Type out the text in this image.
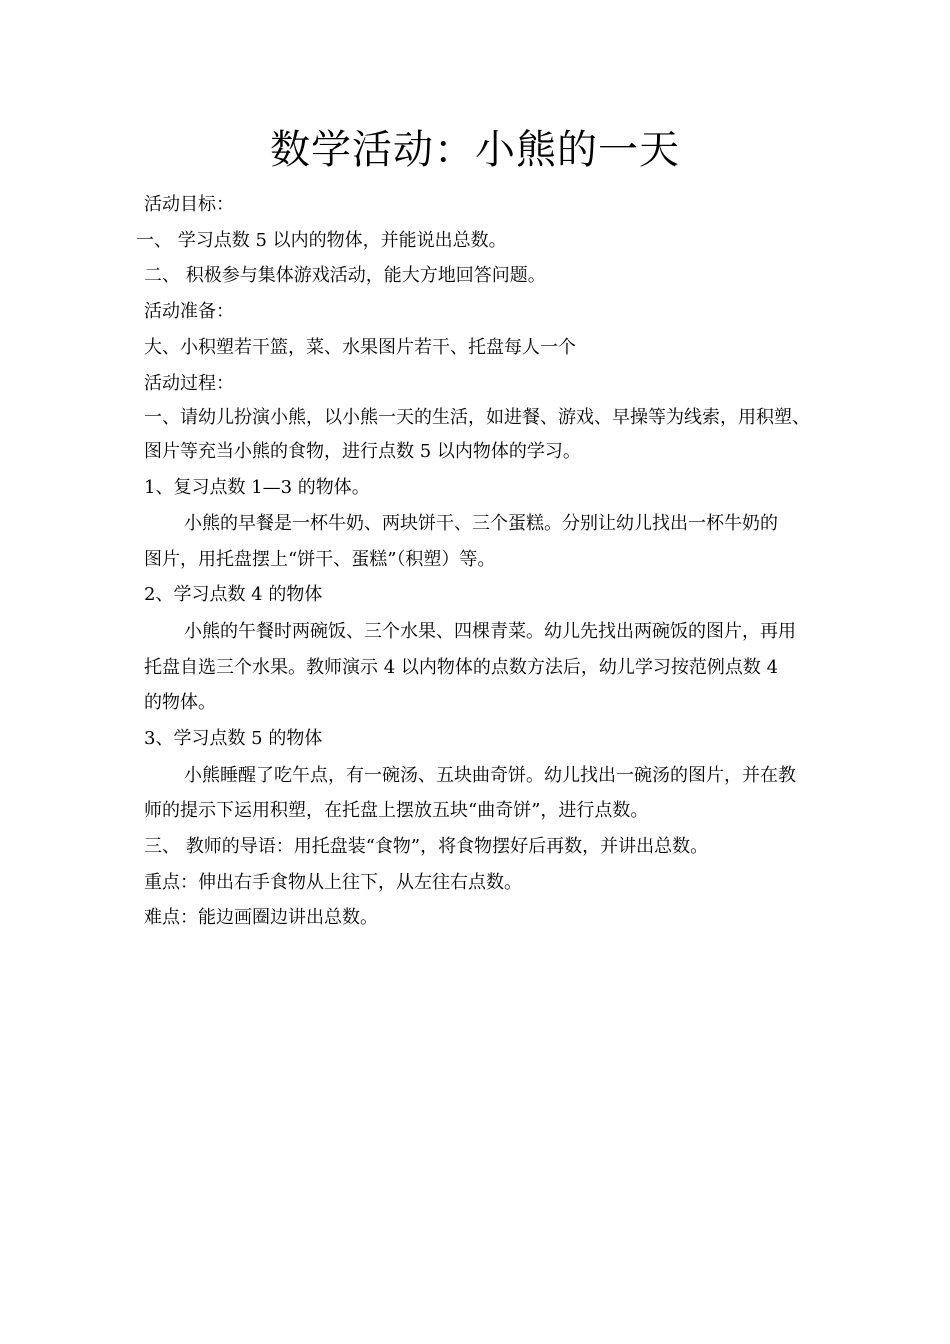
数学活动：小熊的一天
活动目标：
一、 学习点数 5 以内的物体，并能说出总数。
二、 积极参与集体游戏活动，能大方地回答问题。
活动准备：
大、小积塑若干篮，菜、水果图片若干、托盘每人一个
活动过程：
一、请幼儿扮演小熊，以小熊一天的生活，如进餐、游戏、早操等为线索，用积塑、
图片等充当小熊的食物，进行点数 5 以内物体的学习。
1、复习点数 1—3 的物体。
小熊的早餐是一杯牛奶、两块饼干、三个蛋糕。分别让幼儿找出一杯牛奶的
图片，用托盘摆上“饼干、蛋糕”（积塑）等。
2、学习点数 4 的物体
小熊的午餐时两碗饭、三个水果、四棵青菜。幼儿先找出两碗饭的图片，再用
托盘自选三个水果。教师演示 4 以内物体的点数方法后，幼儿学习按范例点数 4
的物体。
3、学习点数 5 的物体
小熊睡醒了吃午点，有一碗汤、五块曲奇饼。幼儿找出一碗汤的图片，并在教
师的提示下运用积塑，在托盘上摆放五块“曲奇饼”，进行点数。
三、 教师的导语：用托盘装“食物”，将食物摆好后再数，并讲出总数。
重点：伸出右手食物从上往下，从左往右点数。
难点：能边画圈边讲出总数。
